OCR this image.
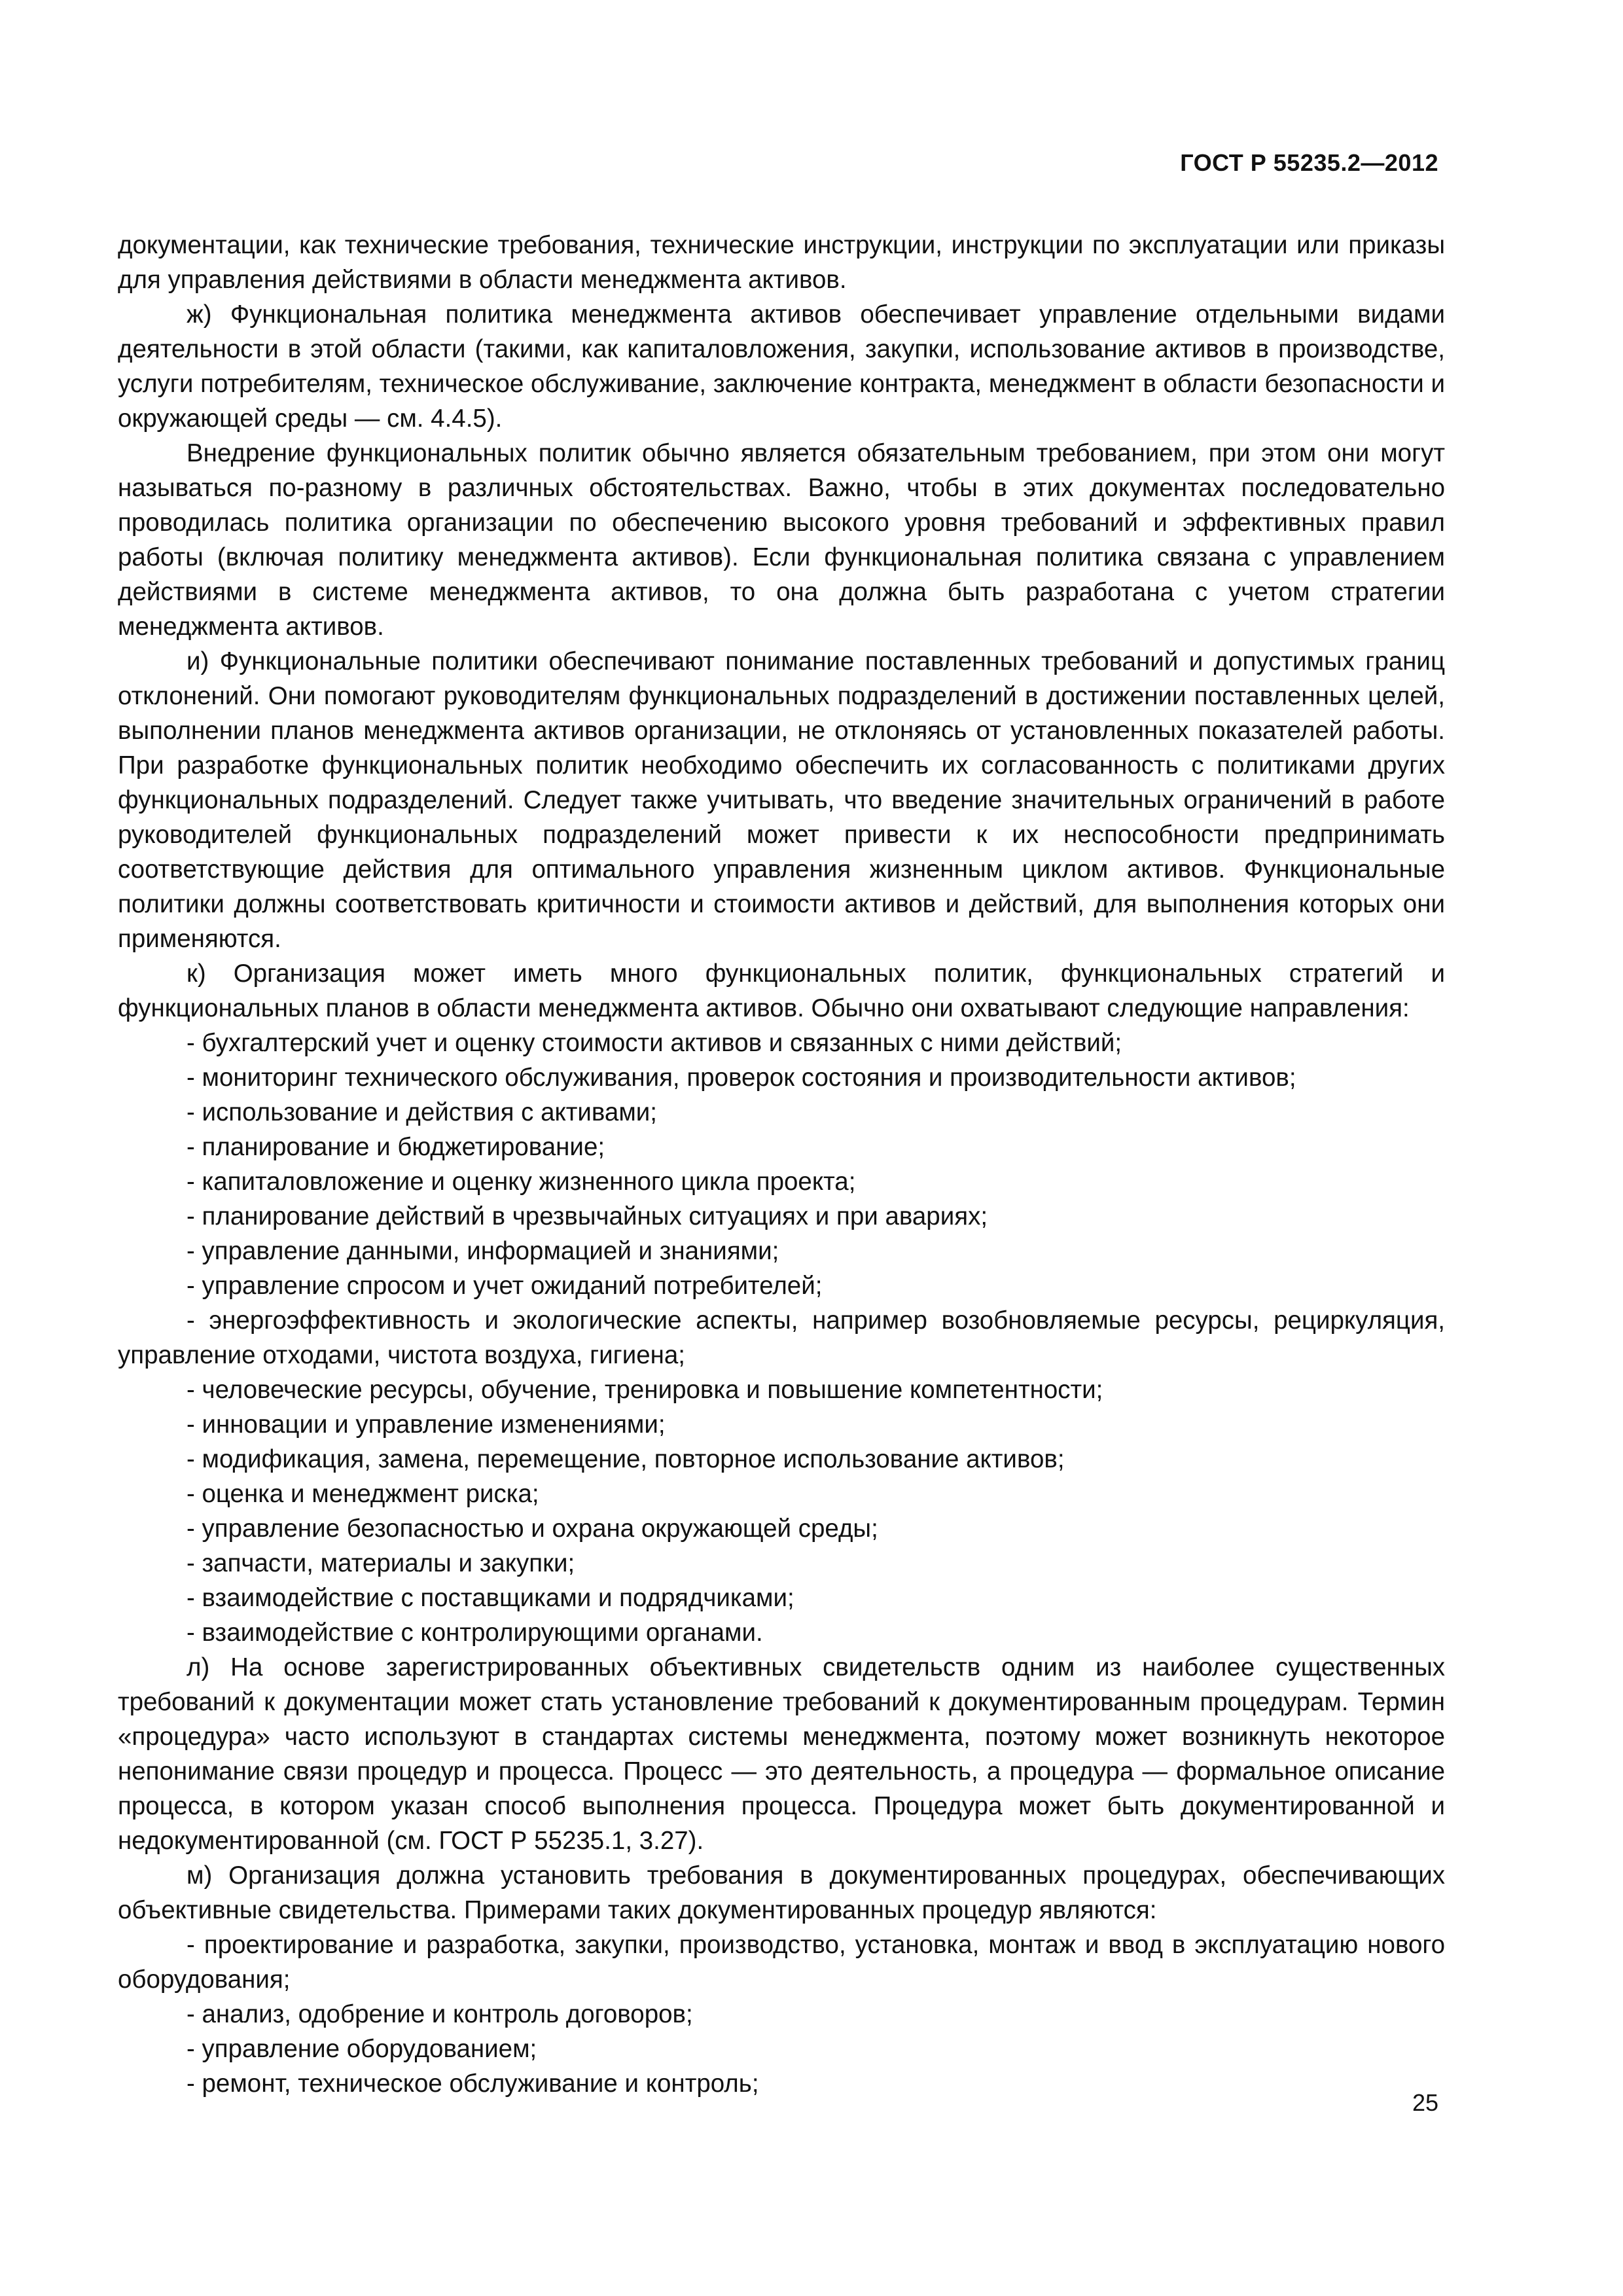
ГОСТ Р 55235.2—2012

документации, как технические требования, технические инструкции, инструкции по эксплуатации или приказы для управления действиями в области менеджмента активов.

ж) Функциональная политика менеджмента активов обеспечивает управление отдельными видами деятельности в этой области (такими, как капиталовложения, закупки, использование активов в производстве, услуги потребителям, техническое обслуживание, заключение контракта, менеджмент в области безопасности и окружающей среды — см. 4.4.5).

Внедрение функциональных политик обычно является обязательным требованием, при этом они могут называться по-разному в различных обстоятельствах. Важно, чтобы в этих документах последовательно проводилась политика организации по обеспечению высокого уровня требований и эффективных правил работы (включая политику менеджмента активов). Если функциональная политика связана с управлением действиями в системе менеджмента активов, то она должна быть разработана с учетом стратегии менеджмента активов.

и) Функциональные политики обеспечивают понимание поставленных требований и допустимых границ отклонений. Они помогают руководителям функциональных подразделений в достижении поставленных целей, выполнении планов менеджмента активов организации, не отклоняясь от установленных показателей работы. При разработке функциональных политик необходимо обеспечить их согласованность с политиками других функциональных подразделений. Следует также учитывать, что введение значительных ограничений в работе руководителей функциональных подразделений может привести к их неспособности предпринимать соответствующие действия для оптимального управления жизненным циклом активов. Функциональные политики должны соответствовать критичности и стоимости активов и действий, для выполнения которых они применяются.

к) Организация может иметь много функциональных политик, функциональных стратегий и функциональных планов в области менеджмента активов. Обычно они охватывают следующие направления:

- бухгалтерский учет и оценку стоимости активов и связанных с ними действий;

- мониторинг технического обслуживания, проверок состояния и производительности активов;

- использование и действия с активами;

- планирование и бюджетирование;

- капиталовложение и оценку жизненного цикла проекта;

- планирование действий в чрезвычайных ситуациях и при авариях;

- управление данными, информацией и знаниями;

- управление спросом и учет ожиданий потребителей;

- энергоэффективность и экологические аспекты, например возобновляемые ресурсы, рециркуляция, управление отходами, чистота воздуха, гигиена;

- человеческие ресурсы, обучение, тренировка и повышение компетентности;

- инновации и управление изменениями;

- модификация, замена, перемещение, повторное использование активов;

- оценка и менеджмент риска;

- управление безопасностью и охрана окружающей среды;

- запчасти, материалы и закупки;

- взаимодействие с поставщиками и подрядчиками;

- взаимодействие с контролирующими органами.

л) На основе зарегистрированных объективных свидетельств одним из наиболее существенных требований к документации может стать установление требований к документированным процедурам. Термин «процедура» часто используют в стандартах системы менеджмента, поэтому может возникнуть некоторое непонимание связи процедур и процесса. Процесс — это деятельность, а процедура — формальное описание процесса, в котором указан способ выполнения процесса. Процедура может быть документированной и недокументированной (см. ГОСТ Р 55235.1, 3.27).

м) Организация должна установить требования в документированных процедурах, обеспечивающих объективные свидетельства. Примерами таких документированных процедур являются:

- проектирование и разработка, закупки, производство, установка, монтаж и ввод в эксплуатацию нового оборудования;

- анализ, одобрение и контроль договоров;

- управление оборудованием;

- ремонт, техническое обслуживание и контроль;

25
